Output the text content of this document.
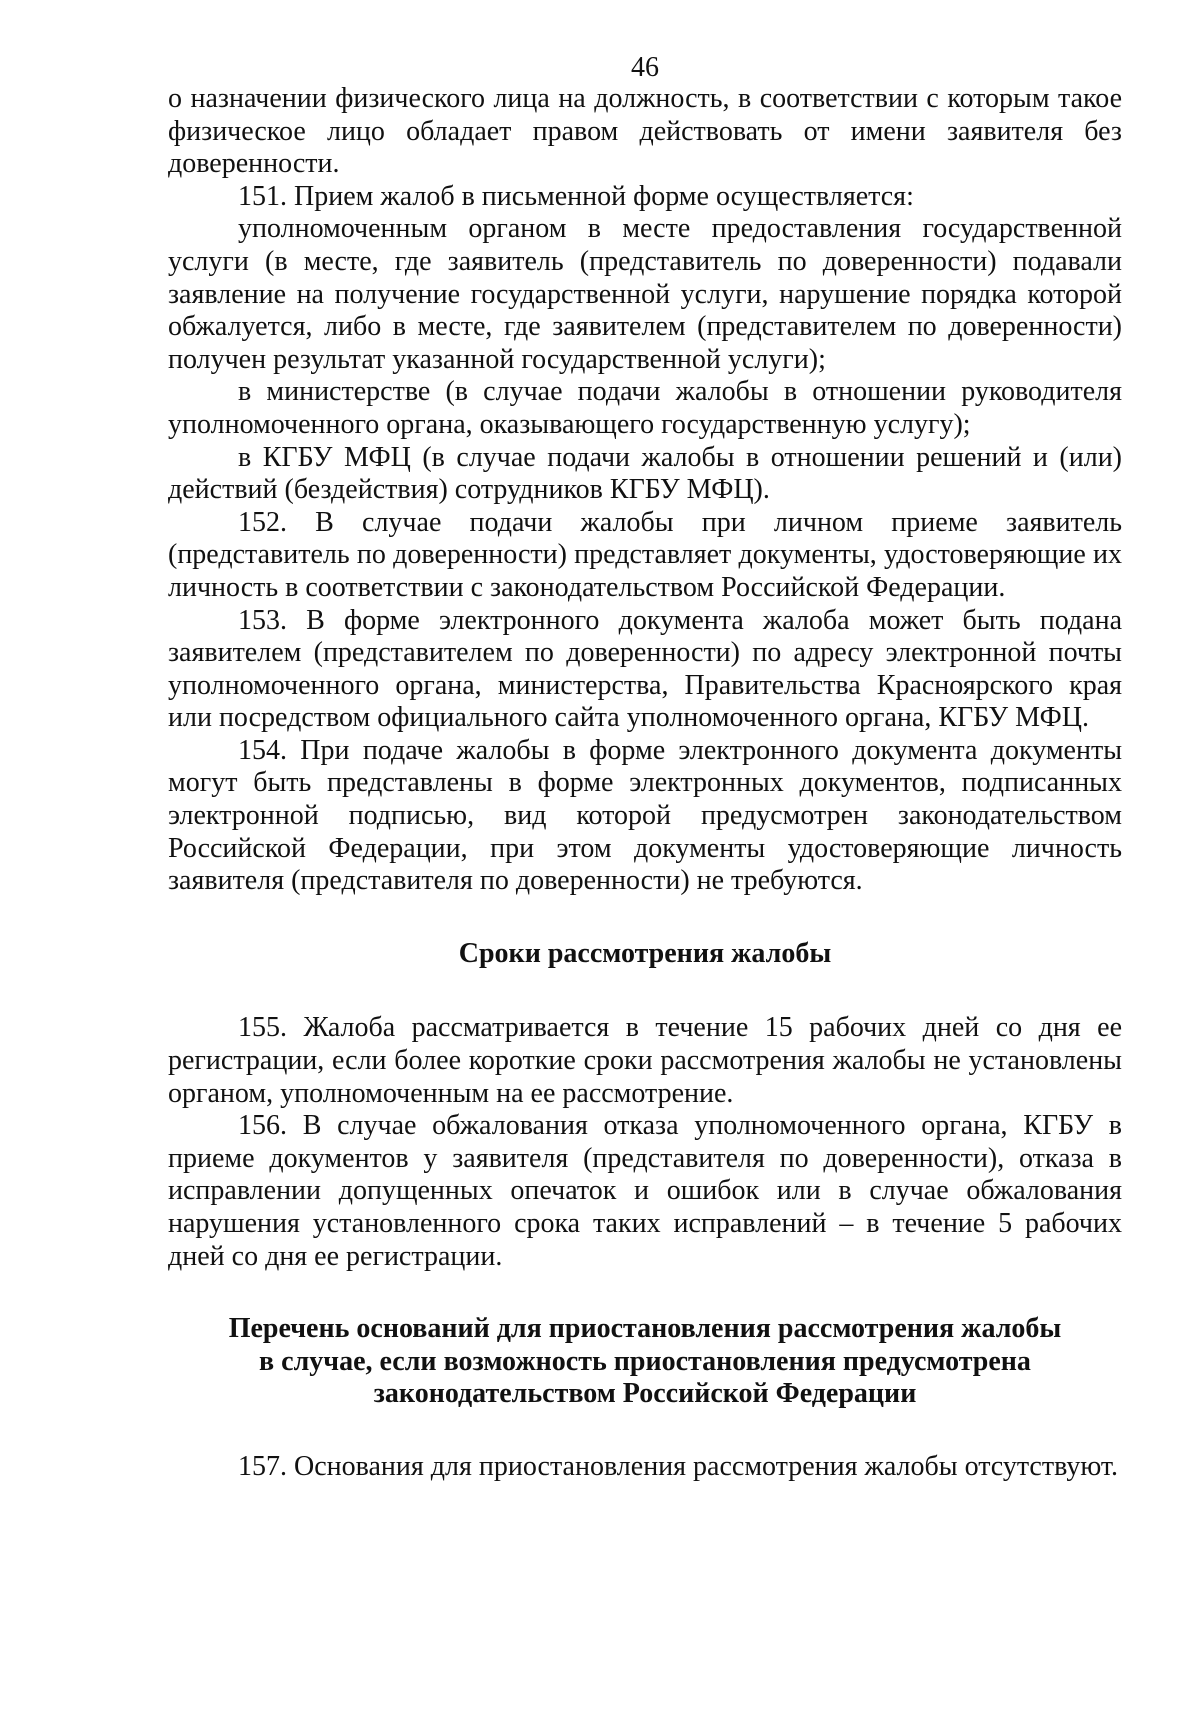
46

о назначении физического лица на должность, в соответствии с которым такое физическое лицо обладает правом действовать от имени заявителя без доверенности.

151. Прием жалоб в письменной форме осуществляется:

уполномоченным органом в месте предоставления государственной услуги (в месте, где заявитель (представитель по доверенности) подавали заявление на получение государственной услуги, нарушение порядка которой обжалуется, либо в месте, где заявителем (представителем по доверенности) получен результат указанной государственной услуги);

в министерстве (в случае подачи жалобы в отношении руководителя уполномоченного органа, оказывающего государственную услугу);

в КГБУ МФЦ (в случае подачи жалобы в отношении решений и (или) действий (бездействия) сотрудников КГБУ МФЦ).

152. В случае подачи жалобы при личном приеме заявитель (представитель по доверенности) представляет документы, удостоверяющие их личность в соответствии с законодательством Российской Федерации.

153. В форме электронного документа жалоба может быть подана заявителем (представителем по доверенности) по адресу электронной почты уполномоченного органа, министерства, Правительства Красноярского края или посредством официального сайта уполномоченного органа, КГБУ МФЦ.

154. При подаче жалобы в форме электронного документа документы могут быть представлены в форме электронных документов, подписанных электронной подписью, вид которой предусмотрен законодательством Российской Федерации, при этом документы удостоверяющие личность заявителя (представителя по доверенности) не требуются.

Сроки рассмотрения жалобы

155. Жалоба рассматривается в течение 15 рабочих дней со дня ее регистрации, если более короткие сроки рассмотрения жалобы не установлены органом, уполномоченным на ее рассмотрение.

156. В случае обжалования отказа уполномоченного органа, КГБУ в приеме документов у заявителя (представителя по доверенности), отказа в исправлении допущенных опечаток и ошибок или в случае обжалования нарушения установленного срока таких исправлений – в течение 5 рабочих дней со дня ее регистрации.

Перечень оснований для приостановления рассмотрения жалобы
в случае, если возможность приостановления предусмотрена
законодательством Российской Федерации

157. Основания для приостановления рассмотрения жалобы отсутствуют.
